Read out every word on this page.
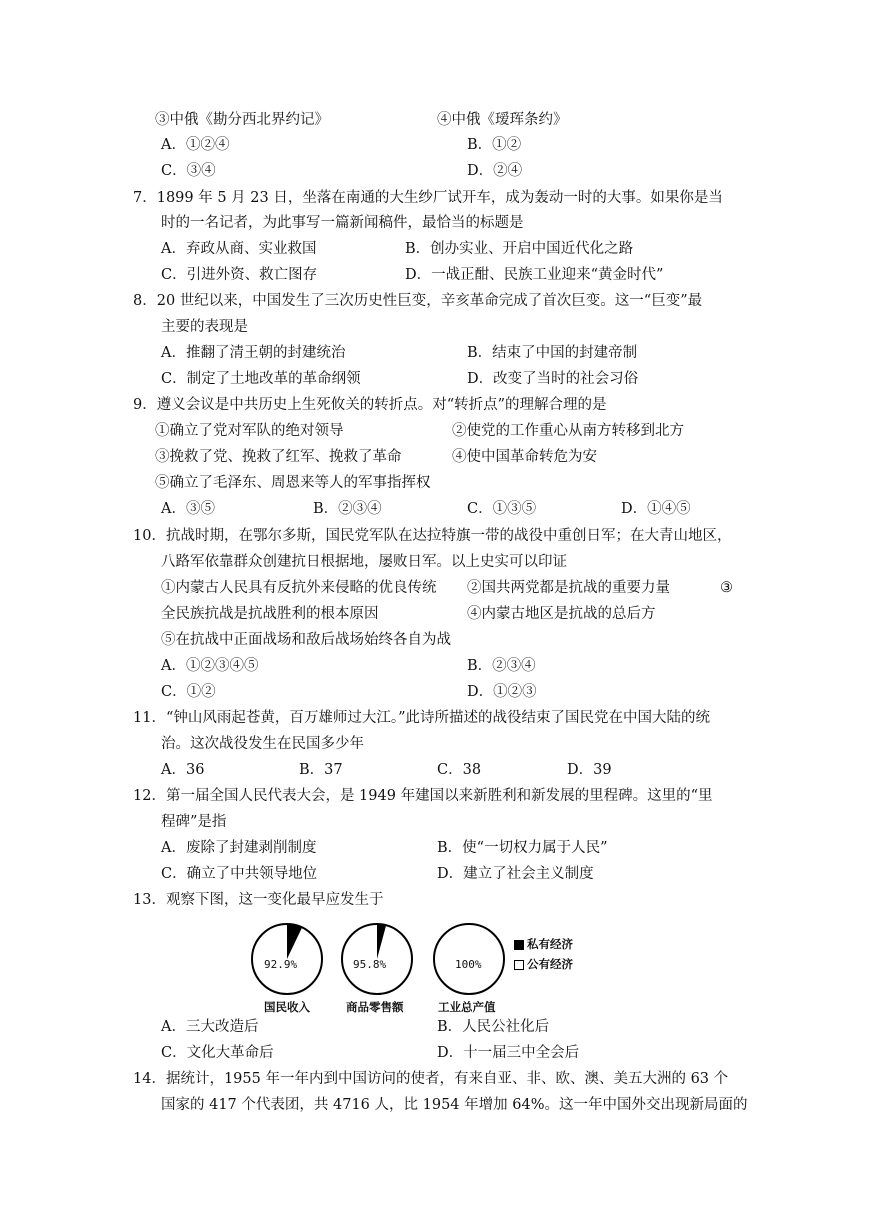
③中俄《勘分西北界约记》	④中俄《瑷珲条约》
A．①②④	B．①②
C．③④	D．②④
7．1899 年 5 月 23 日，坐落在南通的大生纱厂试开车，成为轰动一时的大事。如果你是当
时的一名记者，为此事写一篇新闻稿件，最恰当的标题是
A．弃政从商、实业救国	B．创办实业、开启中国近代化之路
C．引进外资、救亡图存	D．一战正酣、民族工业迎来“黄金时代”
8．20 世纪以来，中国发生了三次历史性巨变，辛亥革命完成了首次巨变。这一“巨变”最
主要的表现是
A．推翻了清王朝的封建统治	B．结束了中国的封建帝制
C．制定了土地改革的革命纲领	D．改变了当时的社会习俗
9．遵义会议是中共历史上生死攸关的转折点。对“转折点”的理解合理的是
①确立了党对军队的绝对领导	②使党的工作重心从南方转移到北方
③挽救了党、挽救了红军、挽救了革命	④使中国革命转危为安
⑤确立了毛泽东、周恩来等人的军事指挥权
A．③⑤	B．②③④	C．①③⑤	D．①④⑤
10．抗战时期，在鄂尔多斯，国民党军队在达拉特旗一带的战役中重创日军；在大青山地区，
八路军依靠群众创建抗日根据地，屡败日军。以上史实可以印证
①内蒙古人民具有反抗外来侵略的优良传统 ②国共两党都是抗战的重要力量	③
全民族抗战是抗战胜利的根本原因	④内蒙古地区是抗战的总后方
⑤在抗战中正面战场和敌后战场始终各自为战
A．①②③④⑤	B．②③④
C．①②	D．①②③
11．“钟山风雨起苍黄，百万雄师过大江。”此诗所描述的战役结束了国民党在中国大陆的统
治。这次战役发生在民国多少年
A．36	B．37	C．38	D．39
12．第一届全国人民代表大会，是 1949 年建国以来新胜利和新发展的里程碑。这里的“里
程碑”是指
A．废除了封建剥削制度	B．使“一切权力属于人民”
C．确立了中共领导地位	D．建立了社会主义制度
13．观察下图，这一变化最早应发生于
92.9%	95.8%	100%
国民收入	商品零售额	工业总产值
私有经济
公有经济
A．三大改造后	B．人民公社化后
C．文化大革命后	D．十一届三中全会后
14．据统计，1955 年一年内到中国访问的使者，有来自亚、非、欧、澳、美五大洲的 63 个
国家的 417 个代表团，共 4716 人，比 1954 年增加 64%。这一年中国外交出现新局面的
